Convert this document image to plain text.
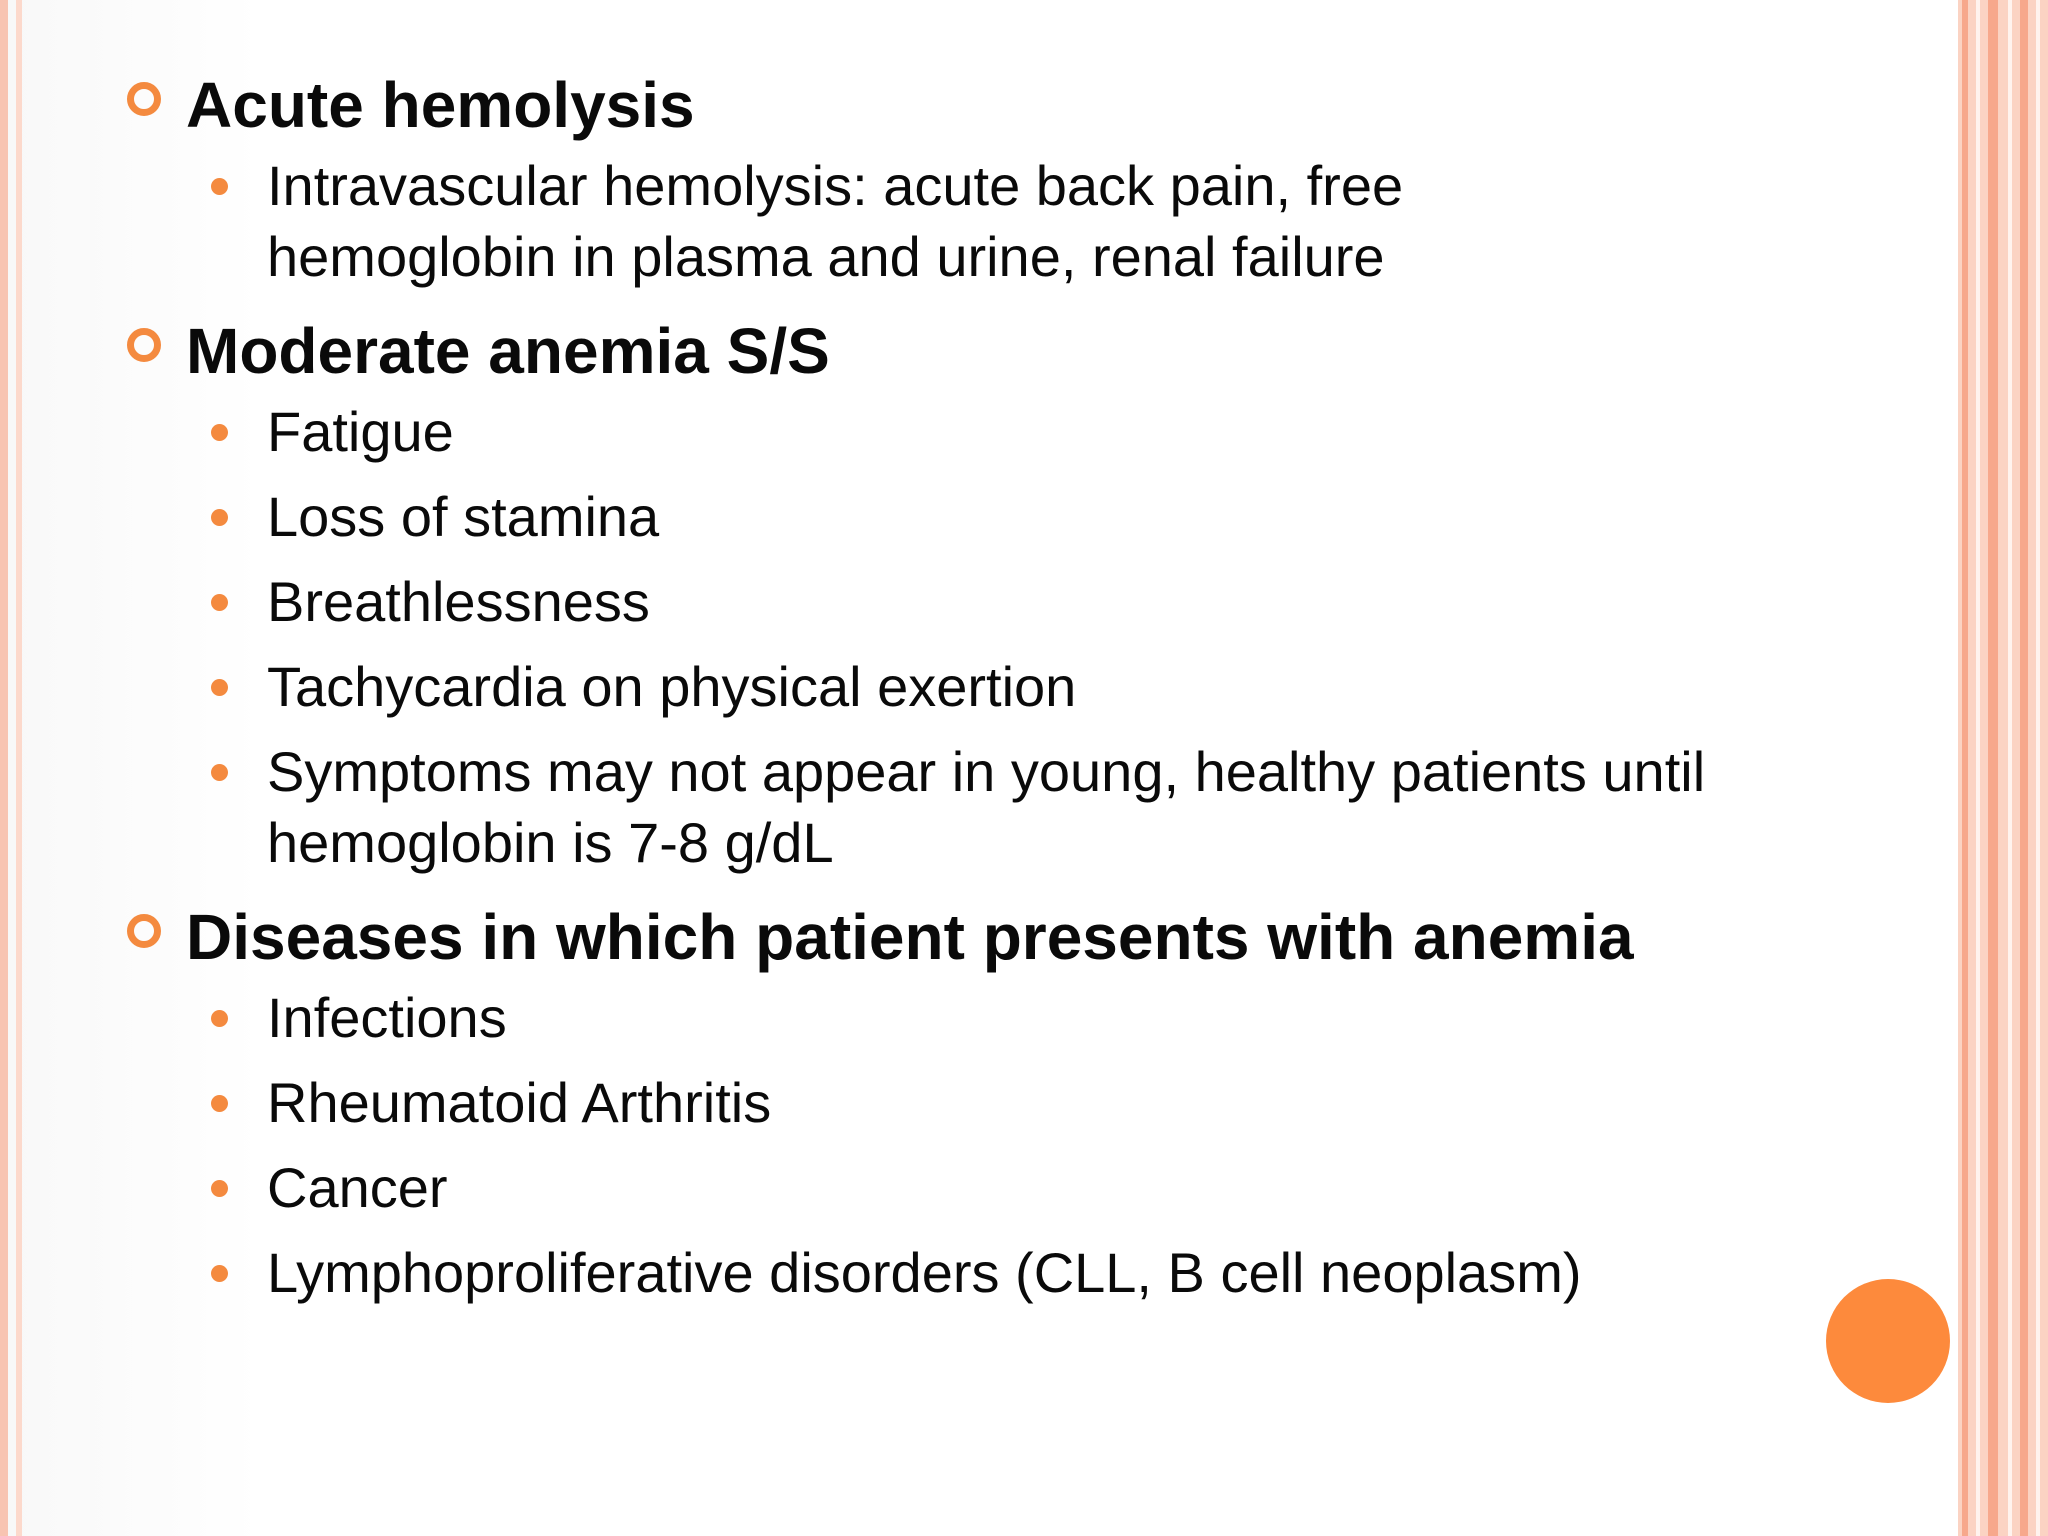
Acute hemolysis
Intravascular hemolysis: acute back pain, free hemoglobin in plasma and urine, renal failure
Moderate anemia S/S
Fatigue
Loss of stamina
Breathlessness
Tachycardia on physical exertion
Symptoms may not appear in young, healthy patients until hemoglobin is 7-8 g/dL
Diseases in which patient presents with anemia
Infections
Rheumatoid Arthritis
Cancer
Lymphoproliferative disorders (CLL, B cell neoplasm)
